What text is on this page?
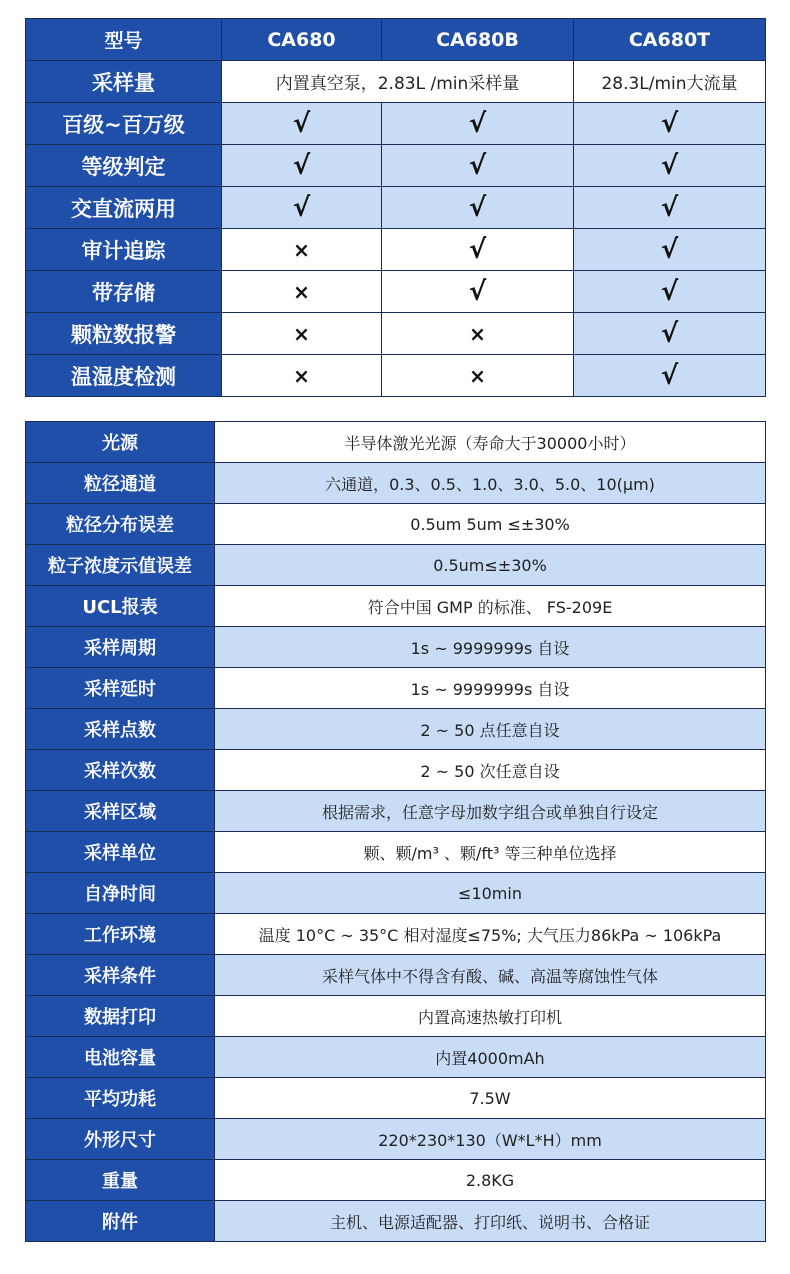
型号	CA680	CA680B	CA680T
采样量	内置真空泵，2.83L /min采样量		28.3L/min大流量
百级~百万级	√	√	√
等级判定	√	√	√
交直流两用	√	√	√
审计追踪	×	√	√
带存储	×	√	√
颗粒数报警	×	×	√
温湿度检测	×	×	√
光源	半导体激光光源（寿命大于30000小时）
粒径通道	六通道，0.3、0.5、1.0、3.0、5.0、10(μm)
粒径分布误差	0.5um 5um ≤±30%
粒子浓度示值误差	0.5um≤±30%
UCL报表	符合中国 GMP 的标准、 FS-209E
采样周期	1s ~ 9999999s 自设
采样延时	1s ~ 9999999s 自设
采样点数	2 ~ 50 点任意自设
采样次数	2 ~ 50 次任意自设
采样区域	根据需求，任意字母加数字组合或单独自行设定
采样单位	颗、颗/m³ 、颗/ft³ 等三种单位选择
自净时间	≤10min
工作环境	温度 10°C ~ 35°C 相对湿度≤75%; 大气压力86kPa ~ 106kPa
采样条件	采样气体中不得含有酸、碱、高温等腐蚀性气体
数据打印	内置高速热敏打印机
电池容量	内置4000mAh
平均功耗	7.5W
外形尺寸	220*230*130（W*L*H）mm
重量	2.8KG
附件	主机、电源适配器、打印纸、说明书、合格证
